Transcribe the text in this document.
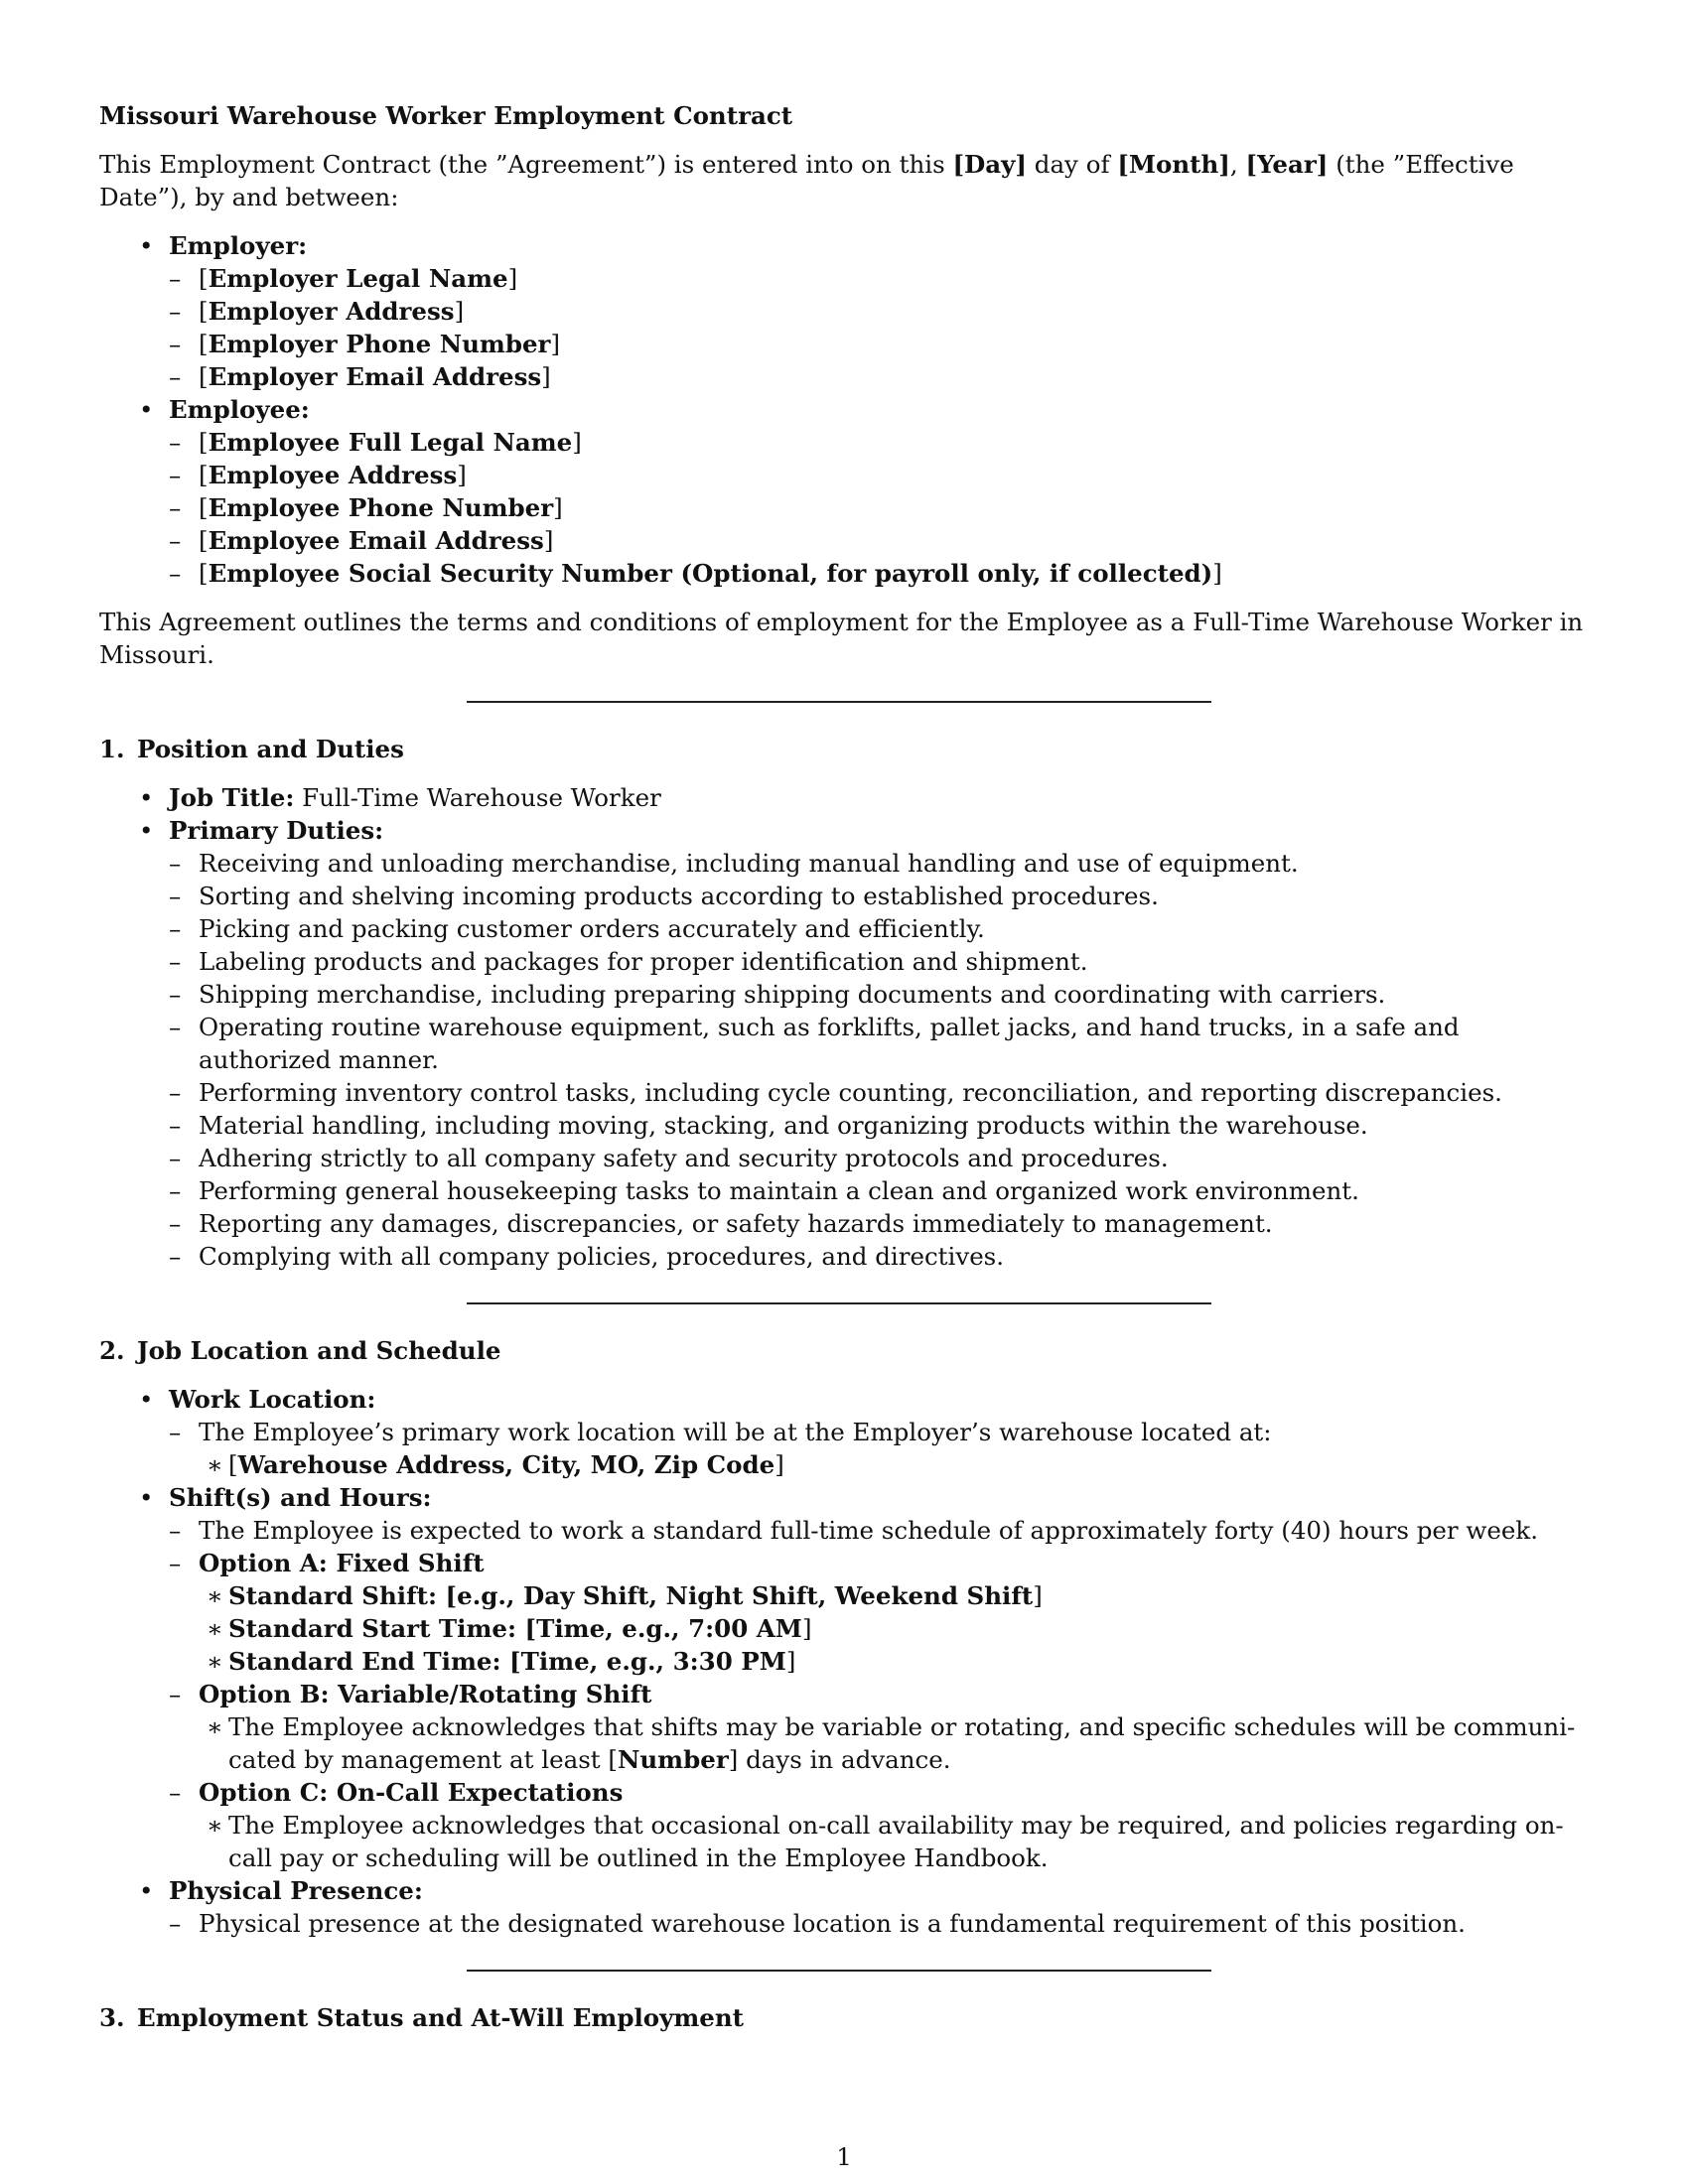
Missouri Warehouse Worker Employment Contract

This Employment Contract (the ”Agreement”) is entered into on this [Day] day of [Month], [Year] (the ”Effective Date”), by and between:

• Employer:
– [Employer Legal Name]
– [Employer Address]
– [Employer Phone Number]
– [Employer Email Address]
• Employee:
– [Employee Full Legal Name]
– [Employee Address]
– [Employee Phone Number]
– [Employee Email Address]
– [Employee Social Security Number (Optional, for payroll only, if collected)]

This Agreement outlines the terms and conditions of employment for the Employee as a Full-Time Warehouse Worker in Missouri.

1. Position and Duties

• Job Title: Full-Time Warehouse Worker
• Primary Duties:
– Receiving and unloading merchandise, including manual handling and use of equipment.
– Sorting and shelving incoming products according to established procedures.
– Picking and packing customer orders accurately and efficiently.
– Labeling products and packages for proper identification and shipment.
– Shipping merchandise, including preparing shipping documents and coordinating with carriers.
– Operating routine warehouse equipment, such as forklifts, pallet jacks, and hand trucks, in a safe and authorized manner.
– Performing inventory control tasks, including cycle counting, reconciliation, and reporting discrepancies.
– Material handling, including moving, stacking, and organizing products within the warehouse.
– Adhering strictly to all company safety and security protocols and procedures.
– Performing general housekeeping tasks to maintain a clean and organized work environment.
– Reporting any damages, discrepancies, or safety hazards immediately to management.
– Complying with all company policies, procedures, and directives.

2. Job Location and Schedule

• Work Location:
– The Employee’s primary work location will be at the Employer’s warehouse located at:
∗ [Warehouse Address, City, MO, Zip Code]
• Shift(s) and Hours:
– The Employee is expected to work a standard full-time schedule of approximately forty (40) hours per week.
– Option A: Fixed Shift
∗ Standard Shift: [e.g., Day Shift, Night Shift, Weekend Shift]
∗ Standard Start Time: [Time, e.g., 7:00 AM]
∗ Standard End Time: [Time, e.g., 3:30 PM]
– Option B: Variable/Rotating Shift
∗ The Employee acknowledges that shifts may be variable or rotating, and specific schedules will be communi-cated by management at least [Number] days in advance.
– Option C: On-Call Expectations
∗ The Employee acknowledges that occasional on-call availability may be required, and policies regarding on-call pay or scheduling will be outlined in the Employee Handbook.
• Physical Presence:
– Physical presence at the designated warehouse location is a fundamental requirement of this position.

3. Employment Status and At-Will Employment

1
